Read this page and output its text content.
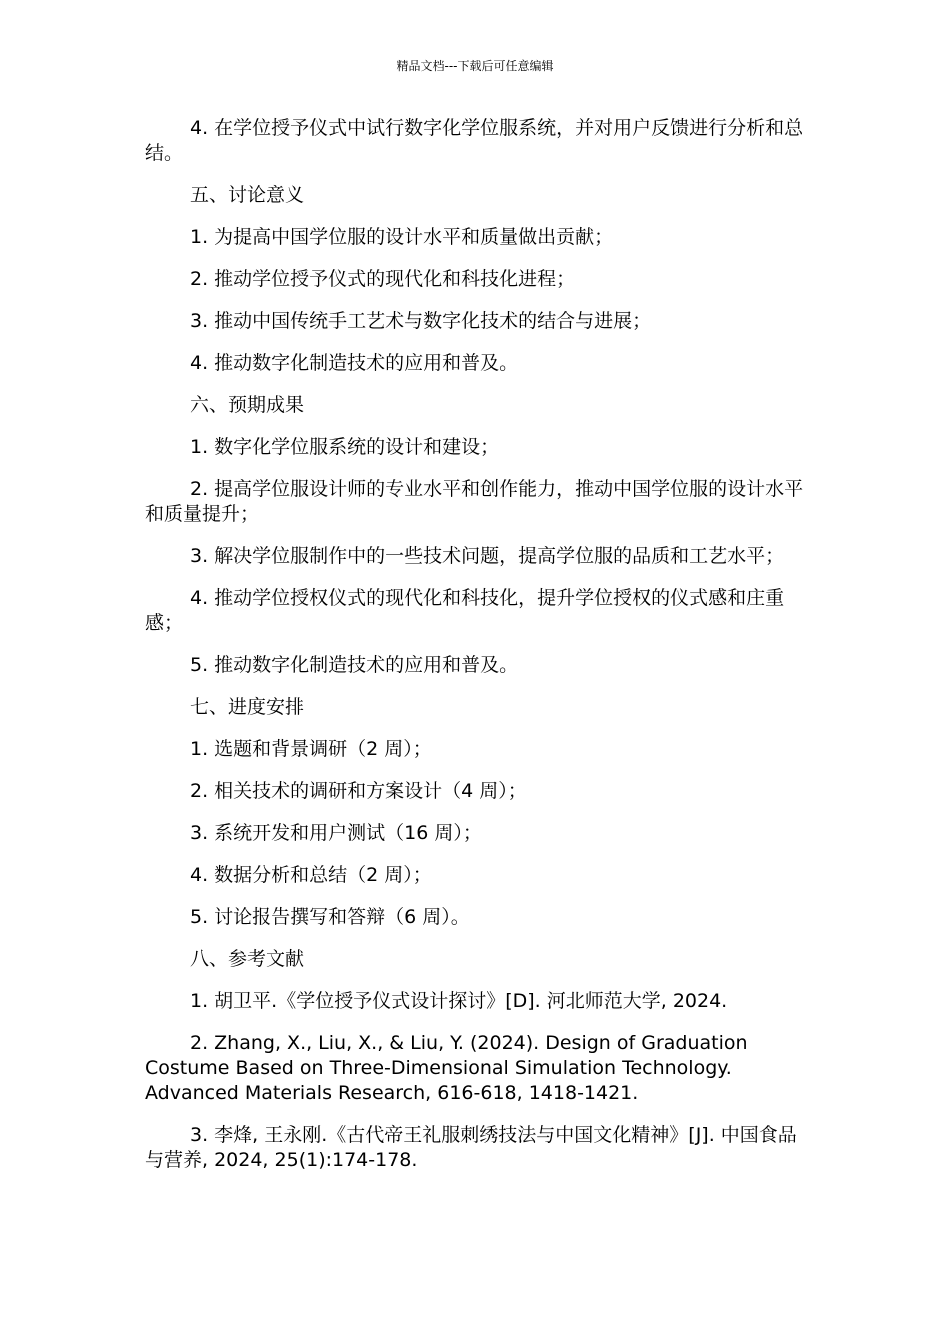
精品文档---下载后可任意编辑

4. 在学位授予仪式中试行数字化学位服系统，并对用户反馈进行分析和总结。

五、讨论意义

1. 为提高中国学位服的设计水平和质量做出贡献；

2. 推动学位授予仪式的现代化和科技化进程；

3. 推动中国传统手工艺术与数字化技术的结合与进展；

4. 推动数字化制造技术的应用和普及。

六、预期成果

1. 数字化学位服系统的设计和建设；

2. 提高学位服设计师的专业水平和创作能力，推动中国学位服的设计水平和质量提升；

3. 解决学位服制作中的一些技术问题，提高学位服的品质和工艺水平；

4. 推动学位授权仪式的现代化和科技化，提升学位授权的仪式感和庄重感；

5. 推动数字化制造技术的应用和普及。

七、进度安排

1. 选题和背景调研（2 周）；

2. 相关技术的调研和方案设计（4 周）；

3. 系统开发和用户测试（16 周）；

4. 数据分析和总结（2 周）；

5. 讨论报告撰写和答辩（6 周）。

八、参考文献

1. 胡卫平.《学位授予仪式设计探讨》[D]. 河北师范大学, 2024.

2. Zhang, X., Liu, X., & Liu, Y. (2024). Design of Graduation Costume Based on Three-Dimensional Simulation Technology. Advanced Materials Research, 616-618, 1418-1421.

3. 李烽, 王永刚.《古代帝王礼服刺绣技法与中国文化精神》[J]. 中国食品与营养, 2024, 25(1):174-178.
